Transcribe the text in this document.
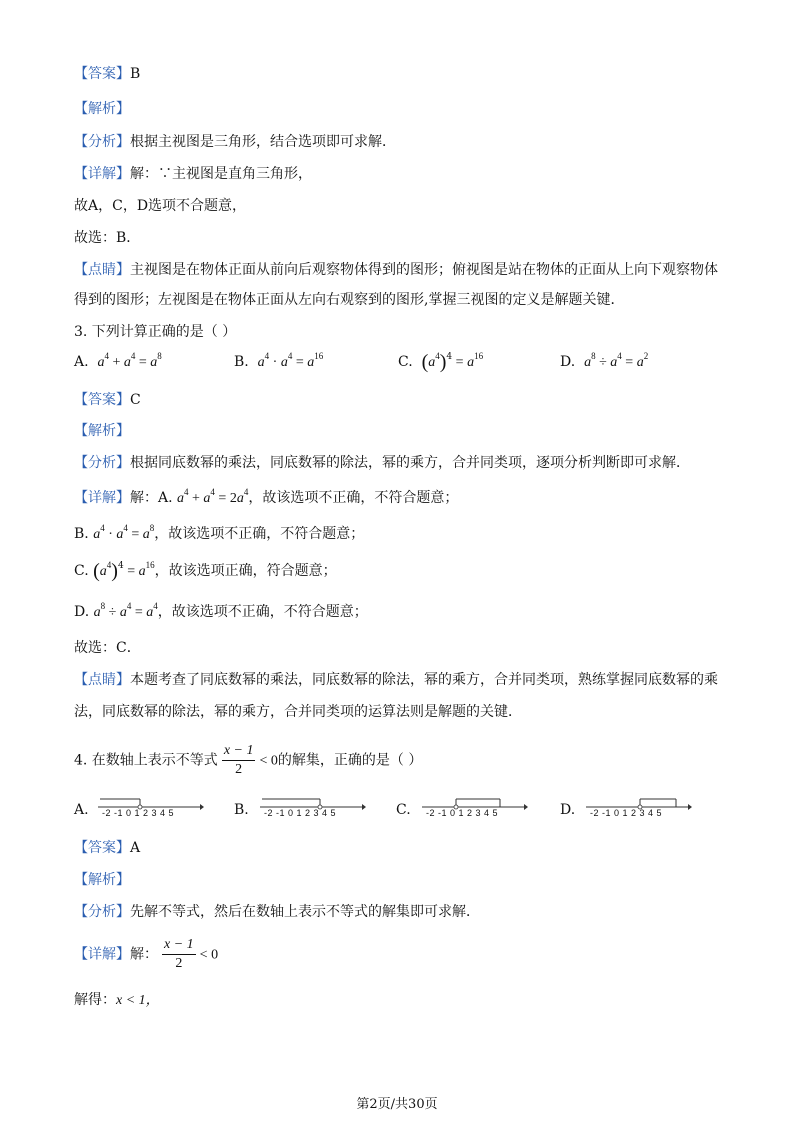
【答案】B
【解析】
【分析】根据主视图是三角形，结合选项即可求解．
【详解】解：∵主视图是直角三角形，
故A，C，D选项不合题意，
故选：B．
【点睛】主视图是在物体正面从前向后观察物体得到的图形；俯视图是站在物体的正面从上向下观察物体
得到的图形；左视图是在物体正面从左向右观察到的图形,掌握三视图的定义是解题关键．
3. 下列计算正确的是（ ）
A. $a^4 + a^4 = a^8$	B. $a^4 \cdot a^4 = a^{16}$	C. $(a^4)^4 = a^{16}$	D. $a^8 \div a^4 = a^2$
【答案】C
【解析】
【分析】根据同底数幂的乘法，同底数幂的除法，幂的乘方，合并同类项，逐项分析判断即可求解．
【详解】解：A. $a^4 + a^4 = 2a^4$，故该选项不正确，不符合题意；
B. $a^4 \cdot a^4 = a^8$，故该选项不正确，不符合题意；
C. $(a^4)^4 = a^{16}$，故该选项正确，符合题意；
D. $a^8 \div a^4 = a^4$，故该选项不正确，不符合题意；
故选：C．
【点睛】本题考查了同底数幂的乘法，同底数幂的除法，幂的乘方，合并同类项，熟练掌握同底数幂的乘
法，同底数幂的除法，幂的乘方，合并同类项的运算法则是解题的关键．
4. 在数轴上表示不等式 $\frac{x - 1}{2} < 0$的解集，正确的是（ ）
A. -2 -1 0 1 2 3 4 5	B. -2 -1 0 1 2 3 4 5	C. -2 -1 0 1 2 3 4 5	D. -2 -1 0 1 2 3 4 5
【答案】A
【解析】
【分析】先解不等式，然后在数轴上表示不等式的解集即可求解．
【详解】解： $\frac{x - 1}{2} < 0$
解得：x < 1，
第2页/共30页
